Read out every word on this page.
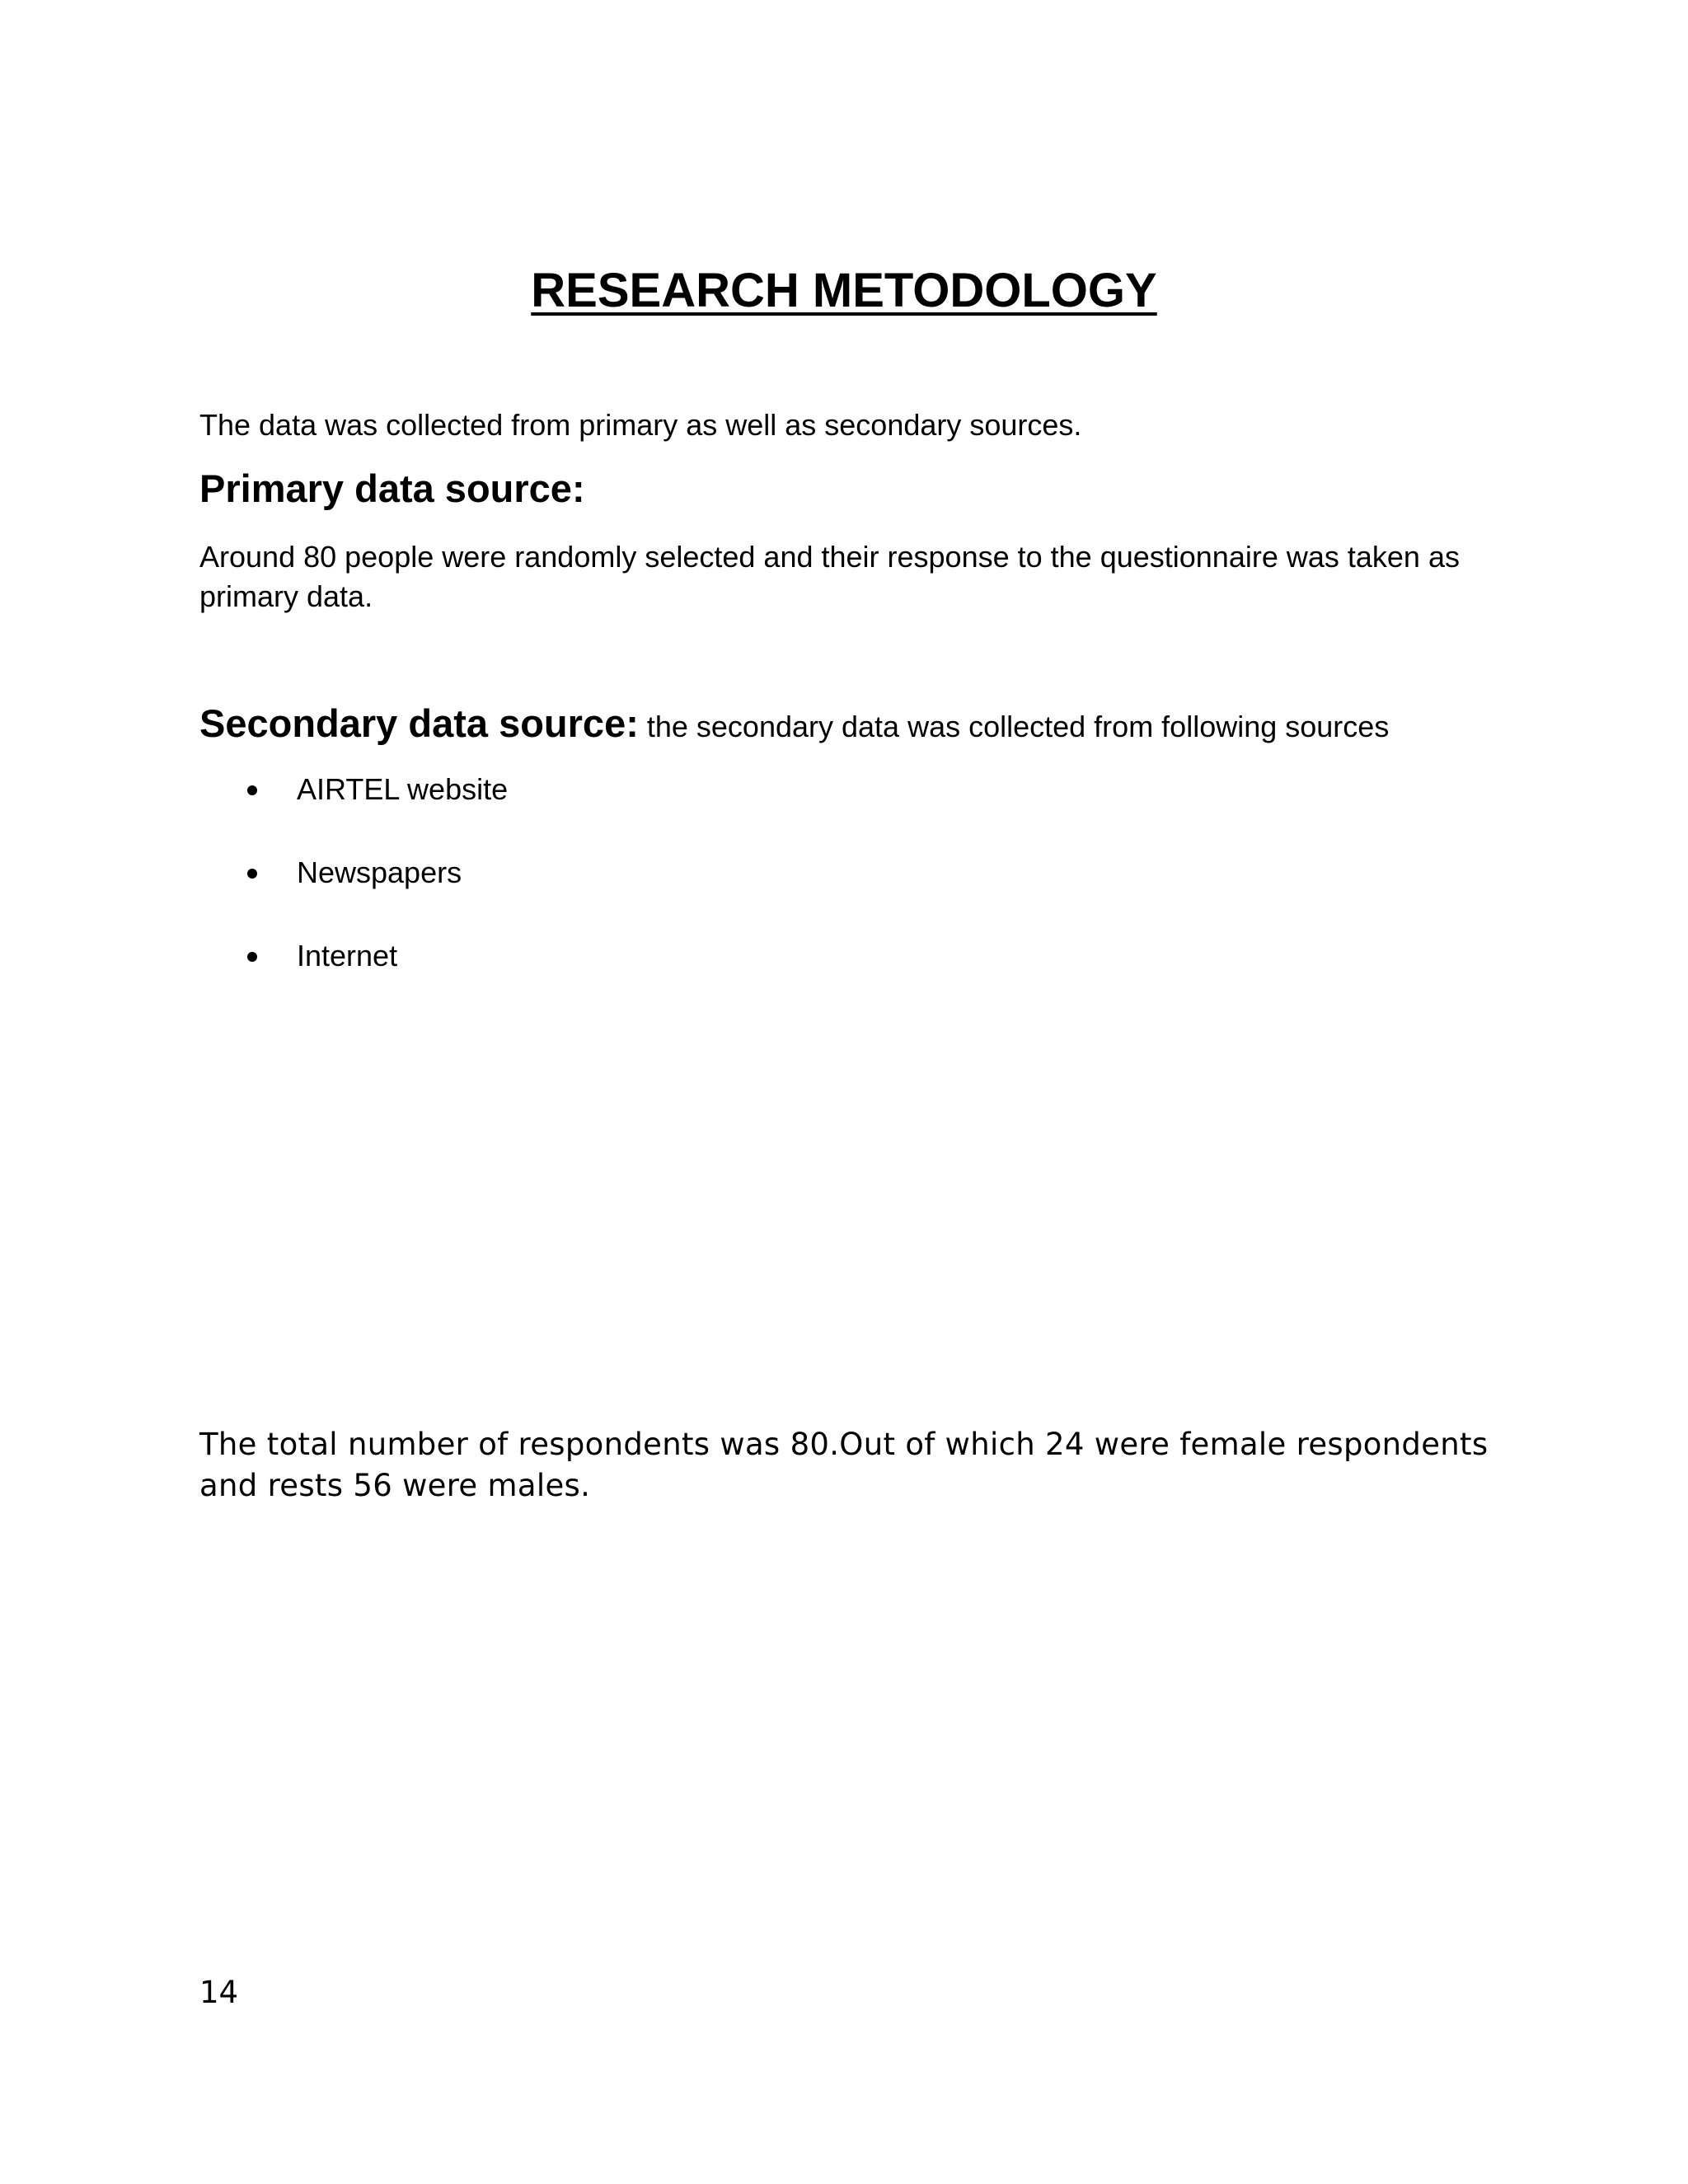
RESEARCH METODOLOGY

The data was collected from primary as well as secondary sources.

Primary data source:

Around 80 people were randomly selected and their response to the questionnaire was taken as primary data.

Secondary data source: the secondary data was collected from following sources

AIRTEL website
Newspapers
Internet

The total number of respondents was 80.Out of which 24 were female respondents and rests 56 were males.

14
